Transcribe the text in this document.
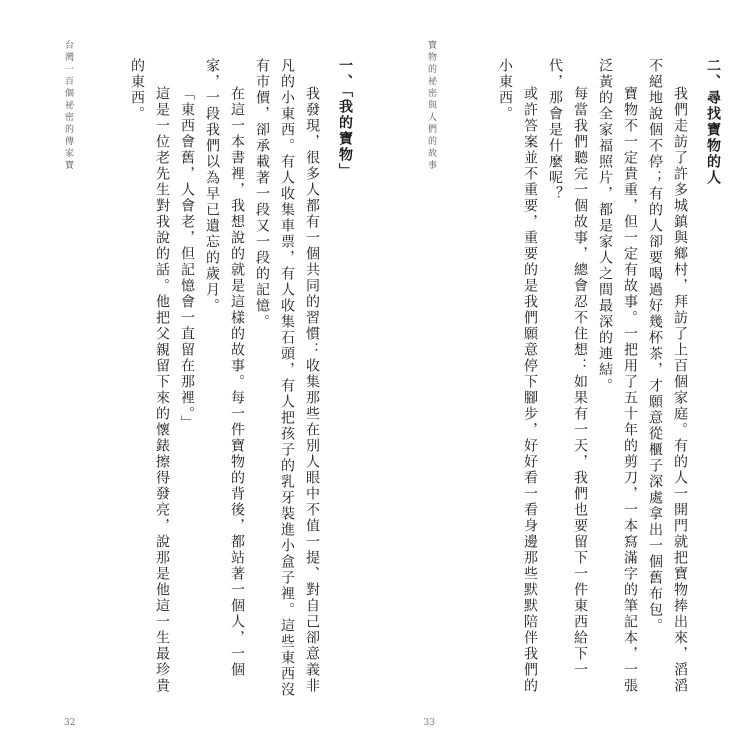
台灣一百個祕密的傳家寶	一、「我的寶物」

我發現，很多人都有一個共同的習慣：收集那些在別人眼中不值一提、對自己卻意義非凡的小東西。有人收集車票，有人收集石頭，有人把孩子的乳牙裝進小盒子裡。這些東西沒有市價，卻承載著一段又一段的記憶。

在這一本書裡，我想說的就是這樣的故事。每一件寶物的背後，都站著一個人，一個家，一段我們以為早已遺忘的歲月。

「東西會舊，人會老，但記憶會一直留在那裡。」

這是一位老先生對我說的話。他把父親留下來的懷錶擦得發亮，說那是他這一生最珍貴的東西。

32
寶物的祕密與人們的故事	二、尋找寶物的人

我們走訪了許多城鎮與鄉村，拜訪了上百個家庭。有的人一開門就把寶物捧出來，滔滔不絕地說個不停；有的人卻要喝過好幾杯茶，才願意從櫃子深處拿出一個舊布包。

寶物不一定貴重，但一定有故事。一把用了五十年的剪刀，一本寫滿字的筆記本，一張泛黃的全家福照片，都是家人之間最深的連結。

每當我們聽完一個故事，總會忍不住想：如果有一天，我們也要留下一件東西給下一代，那會是什麼呢？

或許答案並不重要，重要的是我們願意停下腳步，好好看一看身邊那些默默陪伴我們的小東西。

33
